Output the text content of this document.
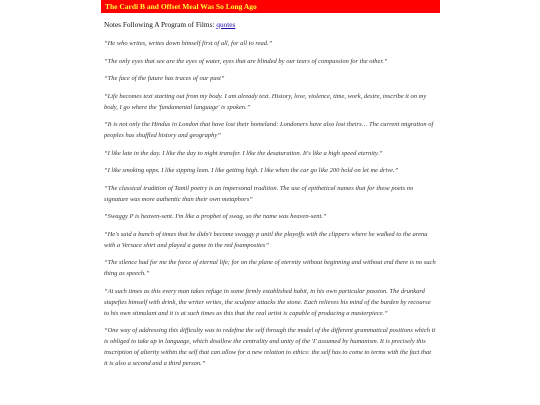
The Cardi B and Offset Meal Was So Long Ago

Notes Following A Program of Films: quotes

“He who writes, writes down himself first of all, for all to read.”

“The only eyes that see are the eyes of water, eyes that are blinded by our tears of compassion for the other.”

“The face of the future has traces of our past”

“Life becomes text starting out from my body. I am already text. History, love, violence, time, work, desire, inscribe it on my body, I go where the 'fundamental language' is spoken.”

“It is not only the Hindus in London that have lost their homeland: Londoners have also lost theirs… The current migration of peoples has shuffled history and geography”

“I like late in the day. I like the day to night transfer. I like the desaturation. It's like a high speed eternity.”

“I like smoking opps. I like sipping lean. I like getting high. I like when the car go like 200 hold on let me drive.”

“The classical tradition of Tamil poetry is an impersonal tradition. The use of epithetical names that for these poets no signature was more authentic than their own metaphors”

“Swaggy P is heaven-sent. I'm like a prophet of swag, so the name was heaven-sent.”

“He's said a bunch of times that he didn't become swaggy p until the playoffs with the clippers where he walked to the arena with a Versace shirt and played a game in the red foamposites”

“The silence had for me the force of eternal life; for on the plane of eternity without beginning and without end there is no such thing as speech.”

“At such times as this every man takes refuge in some firmly established habit, in his own particular passion. The drunkard stupefies himself with drink, the writer writes, the sculptor attacks the stone. Each relieves his mind of the burden by recourse to his own stimulant and it is at such times as this that the real artist is capable of producing a masterpiece.”

“One way of addressing this difficulty was to redefine the self through the model of the different grammatical positions which it is obliged to take up in language, which disallow the centrality and unity of the 'I' assumed by humanism. It is precisely this inscription of alterity within the self that can allow for a new relation to ethics: the self has to come to terms with the fact that it is also a second and a third person.”
